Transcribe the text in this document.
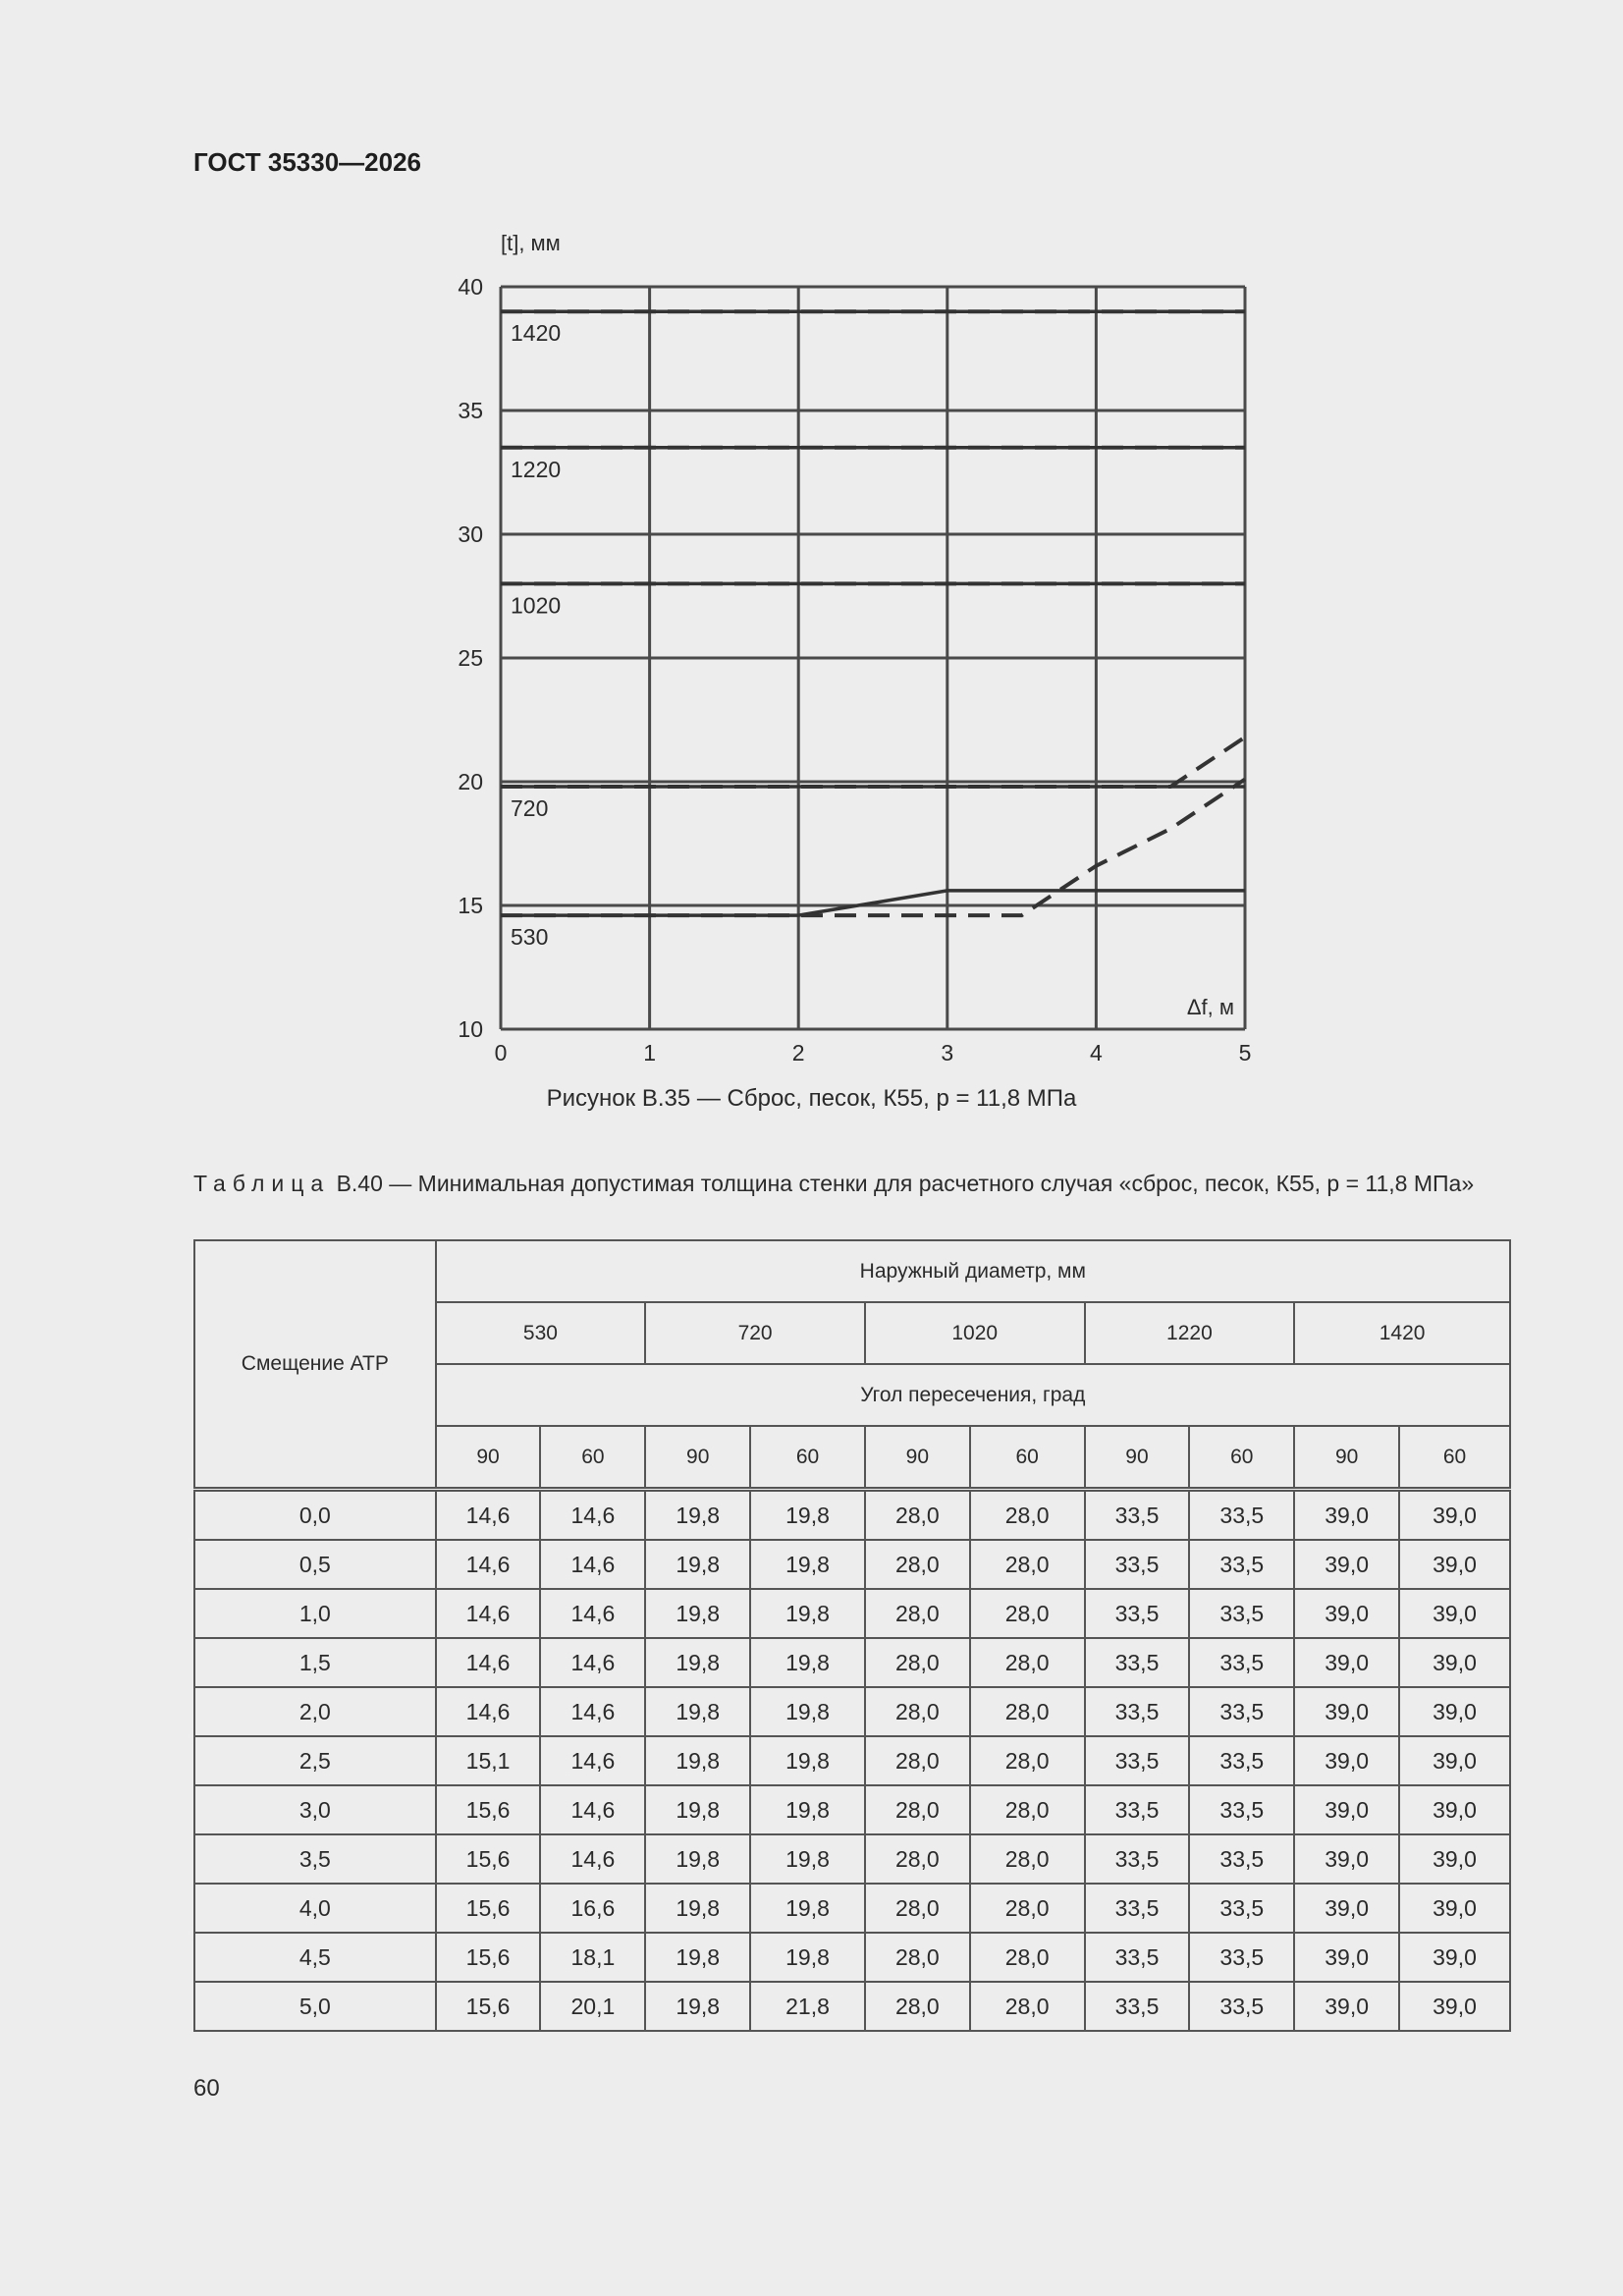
ГОСТ 35330—2026
1420
1220
1020
720
530
0	1	2	3	4	5
10
15
20
25
30
35
40
[t], мм
Δf, м
Рисунок В.35 — Сброс, песок, К55, p = 11,8 МПа
Таблица В.40 — Минимальная допустимая толщина стенки для расчетного случая «сброс, песок, К55, p = 11,8 МПа»
Смещение АТР	Наружный диаметр, мм									
	530		720		1020		1220		1420	
	Угол пересечения, град									
	90	60	90	60	90	60	90	60	90	60
0,0	14,6	14,6	19,8	19,8	28,0	28,0	33,5	33,5	39,0	39,0
0,5	14,6	14,6	19,8	19,8	28,0	28,0	33,5	33,5	39,0	39,0
1,0	14,6	14,6	19,8	19,8	28,0	28,0	33,5	33,5	39,0	39,0
1,5	14,6	14,6	19,8	19,8	28,0	28,0	33,5	33,5	39,0	39,0
2,0	14,6	14,6	19,8	19,8	28,0	28,0	33,5	33,5	39,0	39,0
2,5	15,1	14,6	19,8	19,8	28,0	28,0	33,5	33,5	39,0	39,0
3,0	15,6	14,6	19,8	19,8	28,0	28,0	33,5	33,5	39,0	39,0
3,5	15,6	14,6	19,8	19,8	28,0	28,0	33,5	33,5	39,0	39,0
4,0	15,6	16,6	19,8	19,8	28,0	28,0	33,5	33,5	39,0	39,0
4,5	15,6	18,1	19,8	19,8	28,0	28,0	33,5	33,5	39,0	39,0
5,0	15,6	20,1	19,8	21,8	28,0	28,0	33,5	33,5	39,0	39,0
60
